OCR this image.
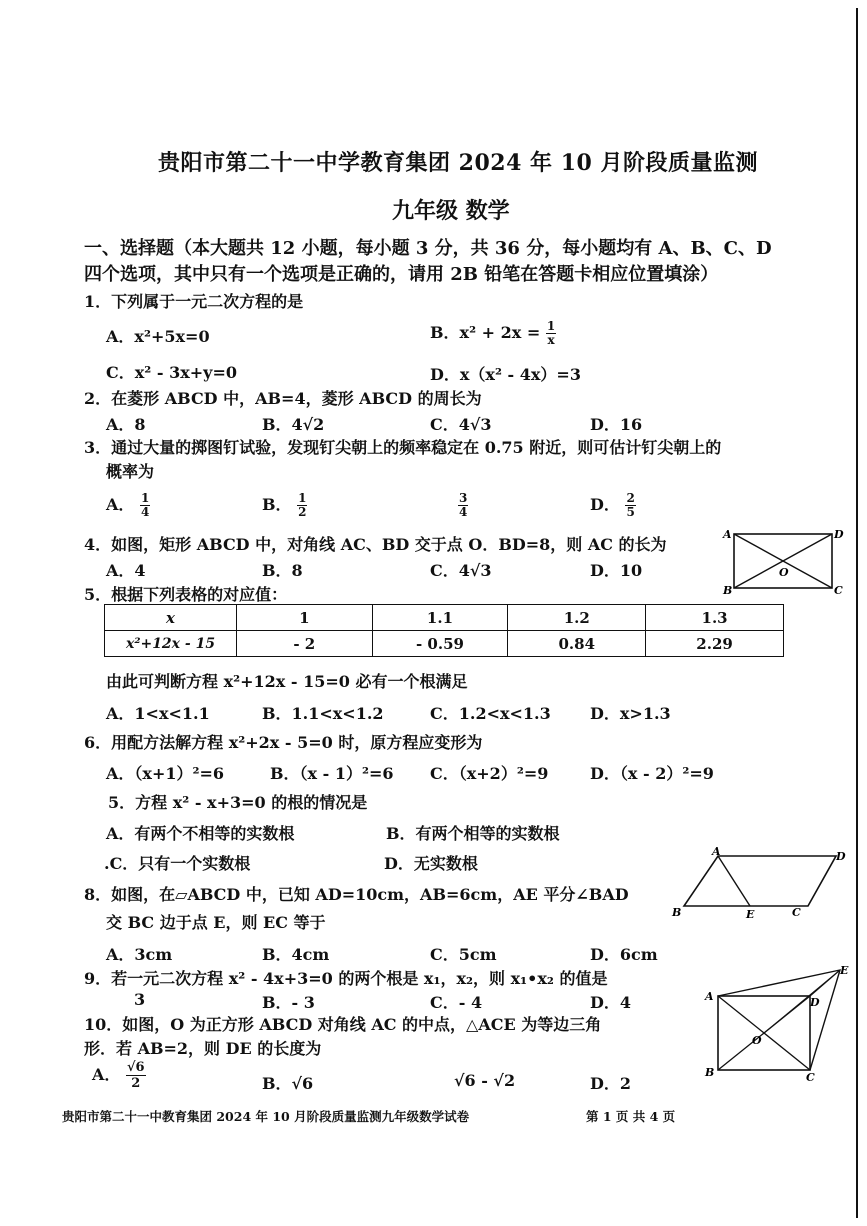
贵阳市第二十一中学教育集团 2024 年 10 月阶段质量监测
九年级 数学
一、选择题（本大题共 12 小题，每小题 3 分，共 36 分，每小题均有 A、B、C、D
四个选项，其中只有一个选项是正确的，请用 2B 铅笔在答题卡相应位置填涂）
1．下列属于一元二次方程的是
A．x²+5x=0	B．$x^2 + 2x = \frac{1}{x}$
C．x² - 3x+y=0	D．x（x² - 4x）=3
2．在菱形 ABCD 中，AB=4，菱形 ABCD 的周长为
A．8	B．4√2	C．4√3	D．16
3．通过大量的掷图钉试验，发现钉尖朝上的频率稳定在 0.75 附近，则可估计钉尖朝上的
概率为
A． $\frac{1}{4}$	B． $\frac{1}{2}$	$\frac{3}{4}$	D． $\frac{2}{5}$
4．如图，矩形 ABCD 中，对角线 AC、BD 交于点 O．BD=8，则 AC 的长为
A．4	B．8	C．4√3	D．10
A
B	C
D
O
5．根据下列表格的对应值：
x	1	1.1	1.2	1.3
x²+12x - 15	- 2	- 0.59	0.84	2.29
由此可判断方程 x²+12x - 15=0 必有一个根满足
A．1<x<1.1	B．1.1<x<1.2	C．1.2<x<1.3 D．x>1.3
6．用配方法解方程 x²+2x - 5=0 时，原方程应变形为
A．（x+1）²=6	B．（x - 1）²=6 C．（x+2）²=9	D．（x - 2）²=9
5．方程 x² - x+3=0 的根的情况是
A．有两个不相等的实数根	B．有两个相等的实数根
.C．只有一个实数根	D．无实数根
A
B	C
D
E
8．如图，在▱ABCD 中，已知 AD=10cm，AB=6cm，AE 平分∠BAD
交 BC 边于点 E，则 EC 等于
A．3cm	B．4cm	C．5cm	D．6cm
9．若一元二次方程 x² - 4x+3=0 的两个根是 x₁，x₂，则 x₁•x₂ 的值是
3	B．- 3	C．- 4	D．4	A
B	C
D
E
O
10．如图，O 为正方形 ABCD 对角线 AC 的中点，△ACE 为等边三角
形．若 AB=2，则 DE 的长度为
A． $\frac{√6}{2}$	B．√6	√6 - √2	D．2
贵阳市第二十一中教育集团 2024 年 10 月阶段质量监测九年级数学试卷	第 1 页 共 4 页
